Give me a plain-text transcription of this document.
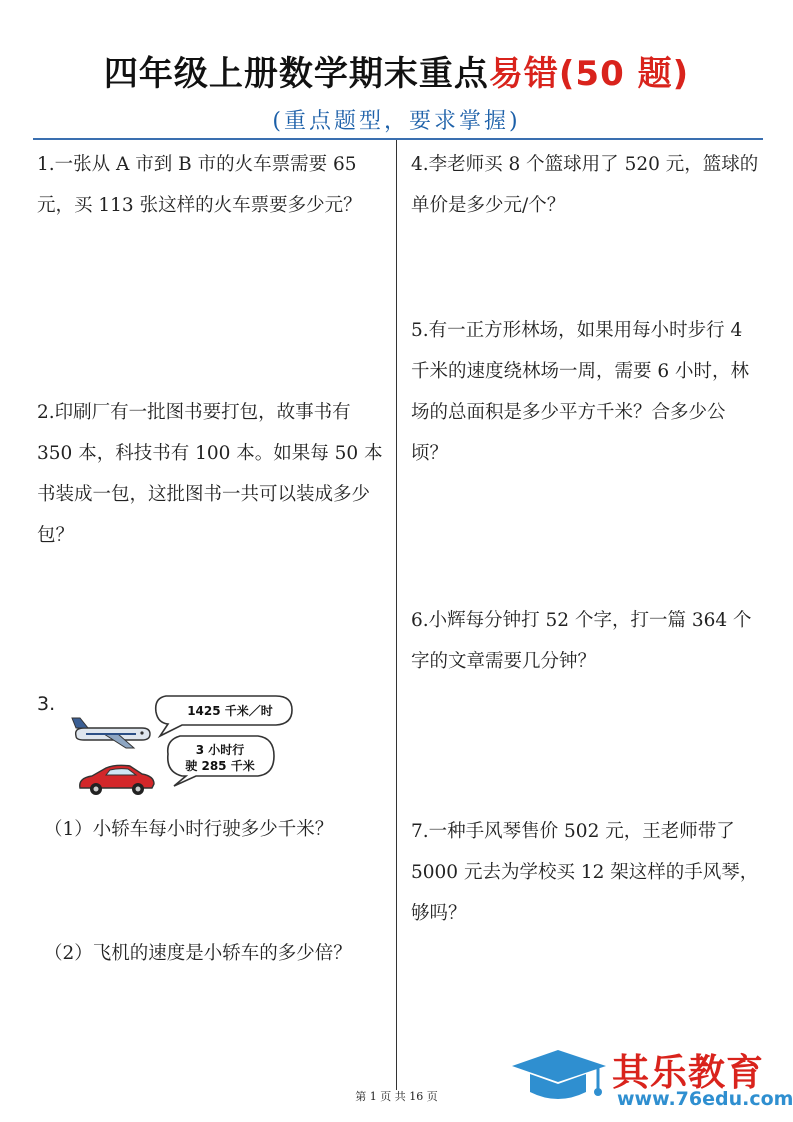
四年级上册数学期末重点易错(50 题)
(重点题型，要求掌握)
1.一张从 A 市到 B 市的火车票需要 65 元，买 113 张这样的火车票要多少元？
2.印刷厂有一批图书要打包，故事书有 350 本，科技书有 100 本。如果每 50 本书装成一包，这批图书一共可以装成多少包？
3.	1425 千米／时
3 小时行
驶 285 千米
（1）小轿车每小时行驶多少千米？
（2）飞机的速度是小轿车的多少倍？
4.李老师买 8 个篮球用了 520 元，篮球的单价是多少元/个？
5.有一正方形林场，如果用每小时步行 4 千米的速度绕林场一周，需要 6 小时，林场的总面积是多少平方千米？合多少公顷？
6.小辉每分钟打 52 个字，打一篇 364 个字的文章需要几分钟？
7.一种手风琴售价 502 元，王老师带了 5000 元去为学校买 12 架这样的手风琴，够吗？
第 1 页 共 16 页
其乐教育
www.76edu.com
